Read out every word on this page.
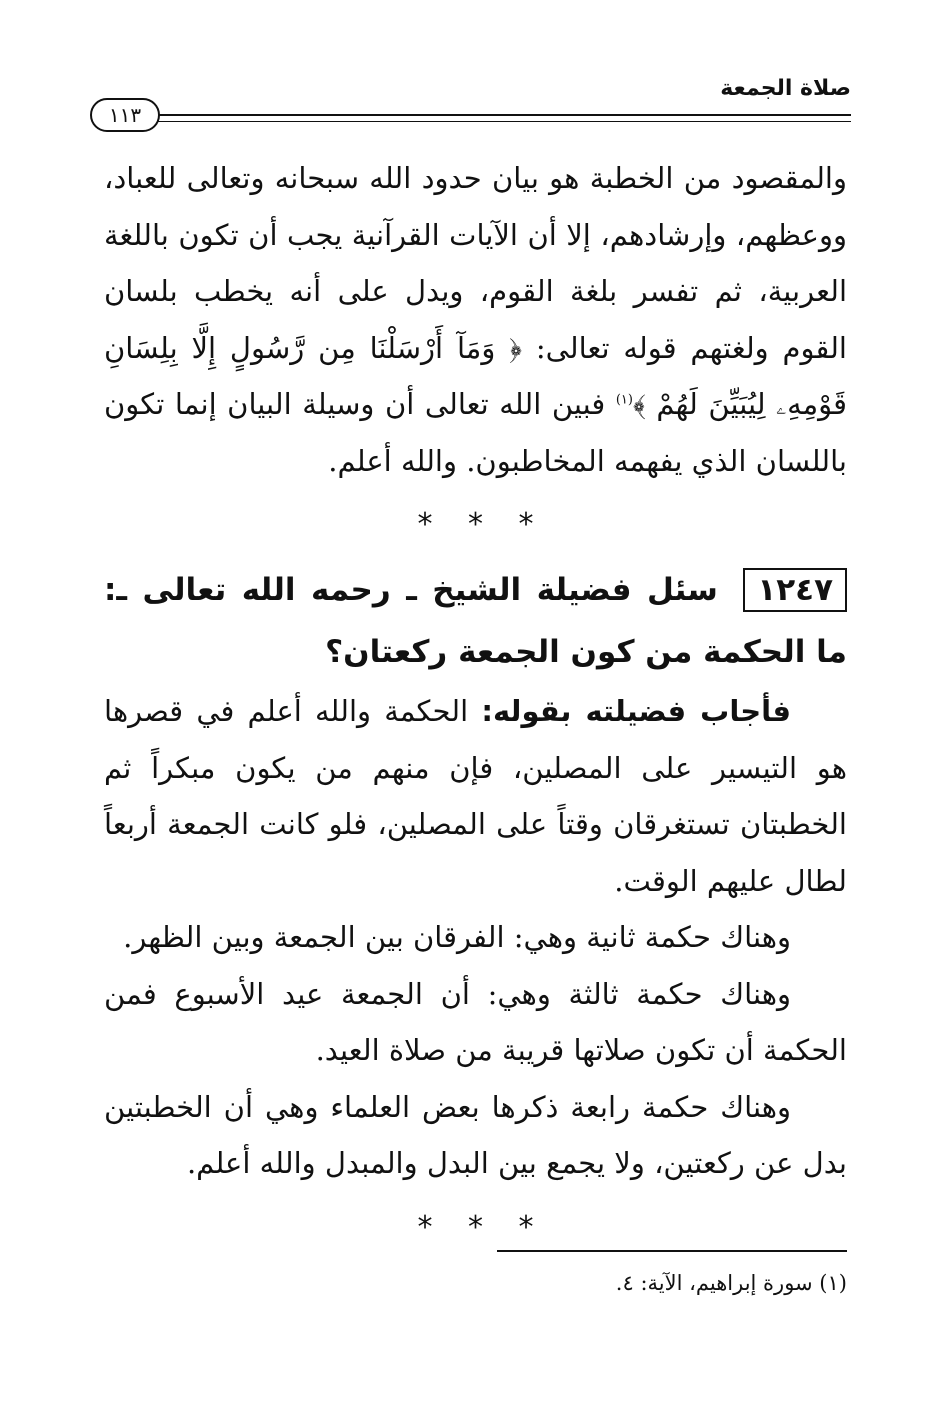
صلاة الجمعة
١١٣

والمقصود من الخطبة هو بيان حدود الله سبحانه وتعالى للعباد، ووعظهم، وإرشادهم، إلا أن الآيات القرآنية يجب أن تكون باللغة العربية، ثم تفسر بلغة القوم، ويدل على أنه يخطب بلسان القوم ولغتهم قوله تعالى: ﴿ وَمَآ أَرْسَلْنَا مِن رَّسُولٍ إِلَّا بِلِسَانِ قَوْمِهِۦ لِيُبَيِّنَ لَهُمْ ﴾$^{(١)}$ فبين الله تعالى أن وسيلة البيان إنما تكون باللسان الذي يفهمه المخاطبون. والله أعلم.

* * *

١٢٤٧ سئل فضيلة الشيخ ـ رحمه الله تعالى ـ: ما الحكمة من كون الجمعة ركعتان؟

فأجاب فضيلته بقوله: الحكمة والله أعلم في قصرها هو التيسير على المصلين، فإن منهم من يكون مبكراً ثم الخطبتان تستغرقان وقتاً على المصلين، فلو كانت الجمعة أربعاً لطال عليهم الوقت.

وهناك حكمة ثانية وهي: الفرقان بين الجمعة وبين الظهر.

وهناك حكمة ثالثة وهي: أن الجمعة عيد الأسبوع فمن الحكمة أن تكون صلاتها قريبة من صلاة العيد.

وهناك حكمة رابعة ذكرها بعض العلماء وهي أن الخطبتين بدل عن ركعتين، ولا يجمع بين البدل والمبدل والله أعلم.

* * *

(١) سورة إبراهيم، الآية: ٤.
